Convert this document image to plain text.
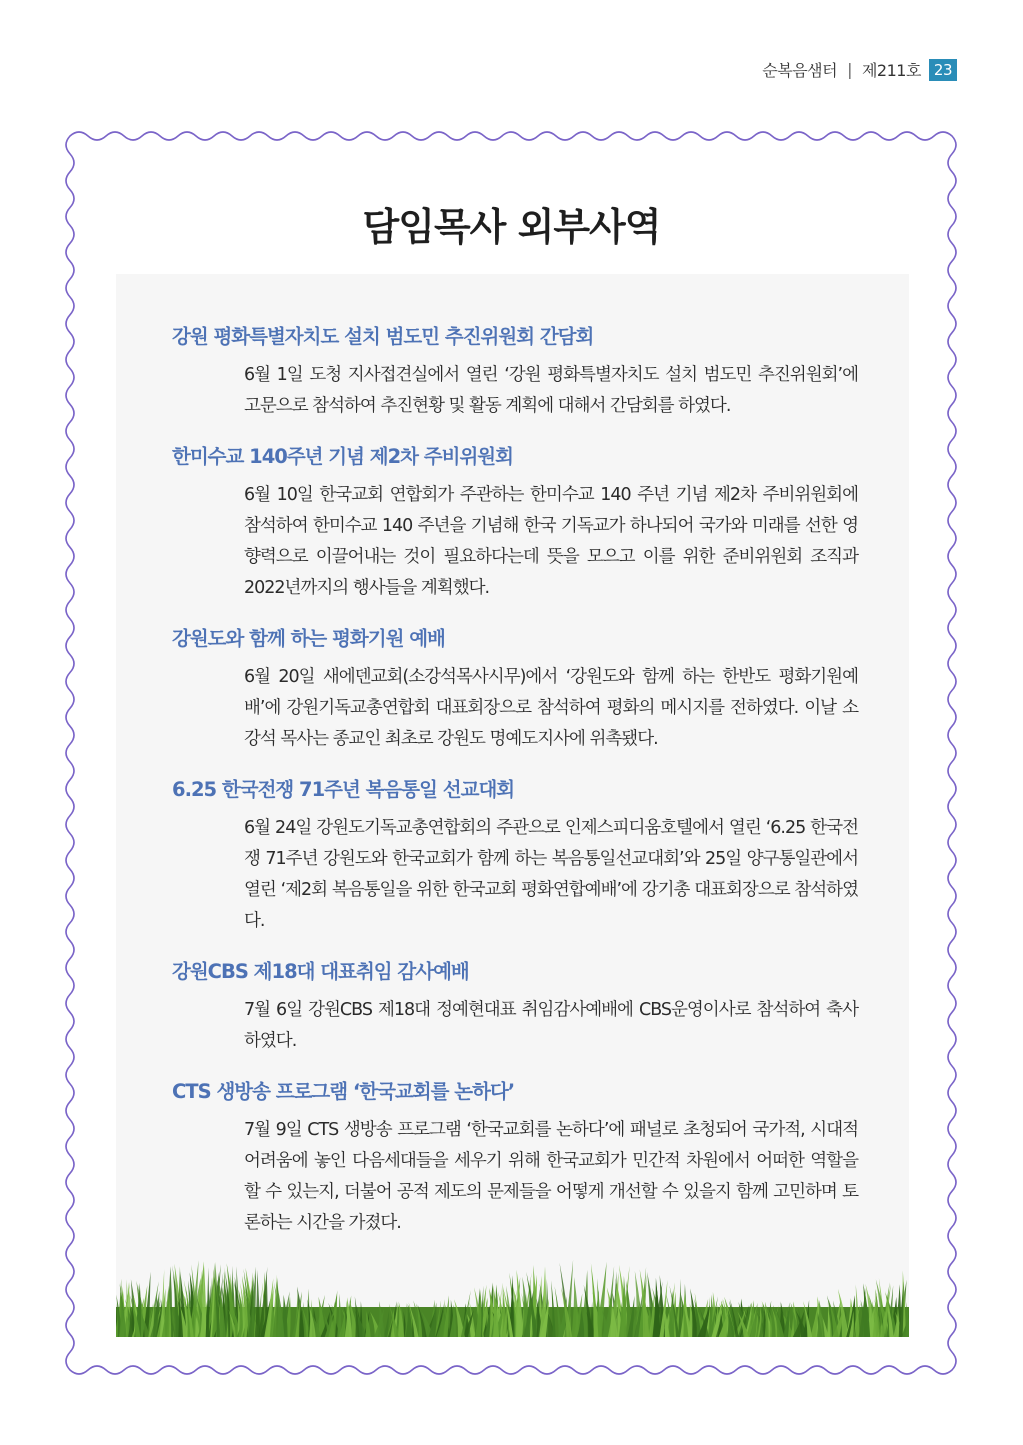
순복음샘터 | 제211호 23
담임목사 외부사역
강원 평화특별자치도 설치 범도민 추진위원회 간담회

6월 1일 도청 지사접견실에서 열린 ‘강원 평화특별자치도 설치 범도민 추진위원회’에 고문으로 참석하여 추진현황 및 활동 계획에 대해서 간담회를 하였다.

한미수교 140주년 기념 제2차 주비위원회

6월 10일 한국교회 연합회가 주관하는 한미수교 140 주년 기념 제2차 주비위원회에 참석하여 한미수교 140 주년을 기념해 한국 기독교가 하나되어 국가와 미래를 선한 영향력으로 이끌어내는 것이 필요하다는데 뜻을 모으고 이를 위한 준비위원회 조직과 2022년까지의 행사들을 계획했다.

강원도와 함께 하는 평화기원 예배

6월 20일 새에덴교회(소강석목사시무)에서 ‘강원도와 함께 하는 한반도 평화기원예배’에 강원기독교총연합회 대표회장으로 참석하여 평화의 메시지를 전하였다. 이날 소강석 목사는 종교인 최초로 강원도 명예도지사에 위촉됐다.

6.25 한국전쟁 71주년 복음통일 선교대회

6월 24일 강원도기독교총연합회의 주관으로 인제스피디움호텔에서 열린 ‘6.25 한국전쟁 71주년 강원도와 한국교회가 함께 하는 복음통일선교대회’와 25일 양구통일관에서 열린 ‘제2회 복음통일을 위한 한국교회 평화연합예배’에 강기총 대표회장으로 참석하였다.

강원CBS 제18대 대표취임 감사예배

7월 6일 강원CBS 제18대 정예현대표 취임감사예배에 CBS운영이사로 참석하여 축사하였다.

CTS 생방송 프로그램 ‘한국교회를 논하다’

7월 9일 CTS 생방송 프로그램 ‘한국교회를 논하다’에 패널로 초청되어 국가적, 시대적 어려움에 놓인 다음세대들을 세우기 위해 한국교회가 민간적 차원에서 어떠한 역할을 할 수 있는지, 더불어 공적 제도의 문제들을 어떻게 개선할 수 있을지 함께 고민하며 토론하는 시간을 가졌다.
